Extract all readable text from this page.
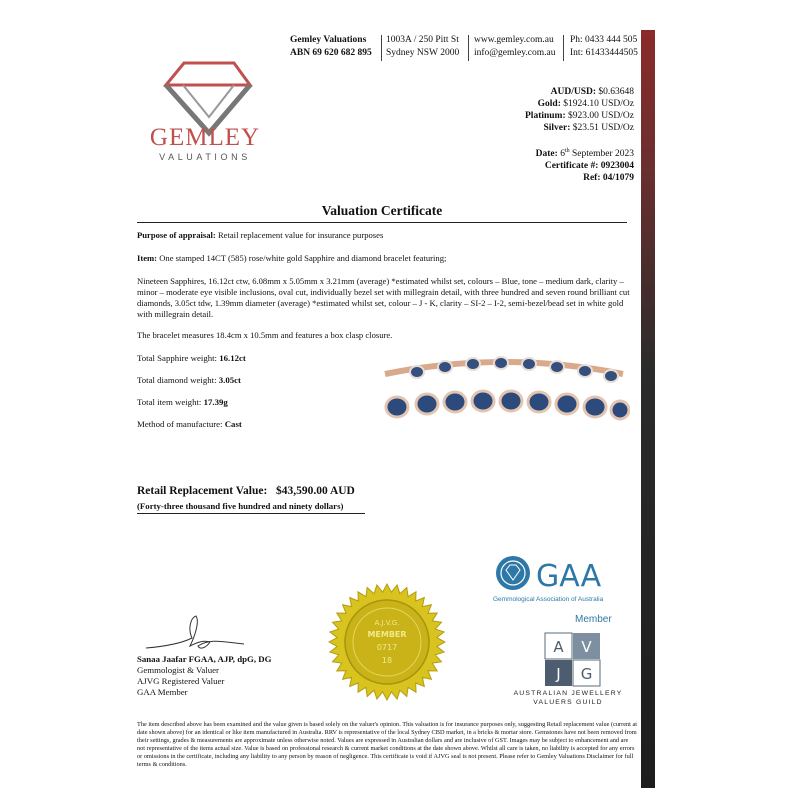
Gemley Valuations
ABN 69 620 682 895
1003A / 250 Pitt St
Sydney NSW 2000
www.gemley.com.au
info@gemley.com.au
Ph: 0433 444 505
Int: 61433444505
GEMLEY
VALUATIONS
AUD/USD: $0.63648
Gold: $1924.10 USD/Oz
Platinum: $923.00 USD/Oz
Silver: $23.51 USD/Oz
Date: 6th September 2023
Certificate #: 0923004
Ref: 04/1079
Valuation Certificate
Purpose of appraisal: Retail replacement value for insurance purposes
Item: One stamped 14CT (585) rose/white gold Sapphire and diamond bracelet featuring;
Nineteen Sapphires, 16.12ct ctw, 6.08mm x 5.05mm x 3.21mm (average) *estimated whilst set, colours – Blue, tone – medium dark, clarity – minor – moderate eye visible inclusions, oval cut, individually bezel set with millegrain detail, with three hundred and seven round brilliant cut diamonds, 3.05ct tdw, 1.39mm diameter (average) *estimated whilst set, colour – J - K, clarity – SI-2 – I-2, semi-bezel/bead set in white gold with millegrain detail.
The bracelet measures 18.4cm x 10.5mm and features a box clasp closure.
Total Sapphire weight: 16.12ct
Total diamond weight: 3.05ct
Total item weight: 17.39g
Method of manufacture: Cast
Retail Replacement Value: $43,590.00 AUD
(Forty-three thousand five hundred and ninety dollars)
A.J.V.G.
MEMBER
0717
18
GAA
Gemmological Association of Australia
Member
A V
J G
AUSTRALIAN JEWELLERY
VALUERS GUILD
Sanaa Jaafar FGAA, AJP, dpG, DG
Gemmologist & Valuer
AJVG Registered Valuer
GAA Member
The item described above has been examined and the value given is based solely on the valuer's opinion. This valuation is for insurance purposes only, suggesting Retail replacement value (current at date shown above) for an identical or like item manufactured in Australia. RRV is representative of the local Sydney CBD market, in a bricks & mortar store. Gemstones have not been removed from their settings, grades & measurements are approximate unless otherwise noted. Values are expressed in Australian dollars and are inclusive of GST. Images may be subject to enhancement and are not representative of the items actual size. Value is based on professional research & current market conditions at the date shown above. Whilst all care is taken, no liability is accepted for any errors or omissions in the certificate, including any liability to any person by reason of negligence. This certificate is void if AJVG seal is not present. Please refer to Gemley Valuations Disclaimer for full terms & conditions.
